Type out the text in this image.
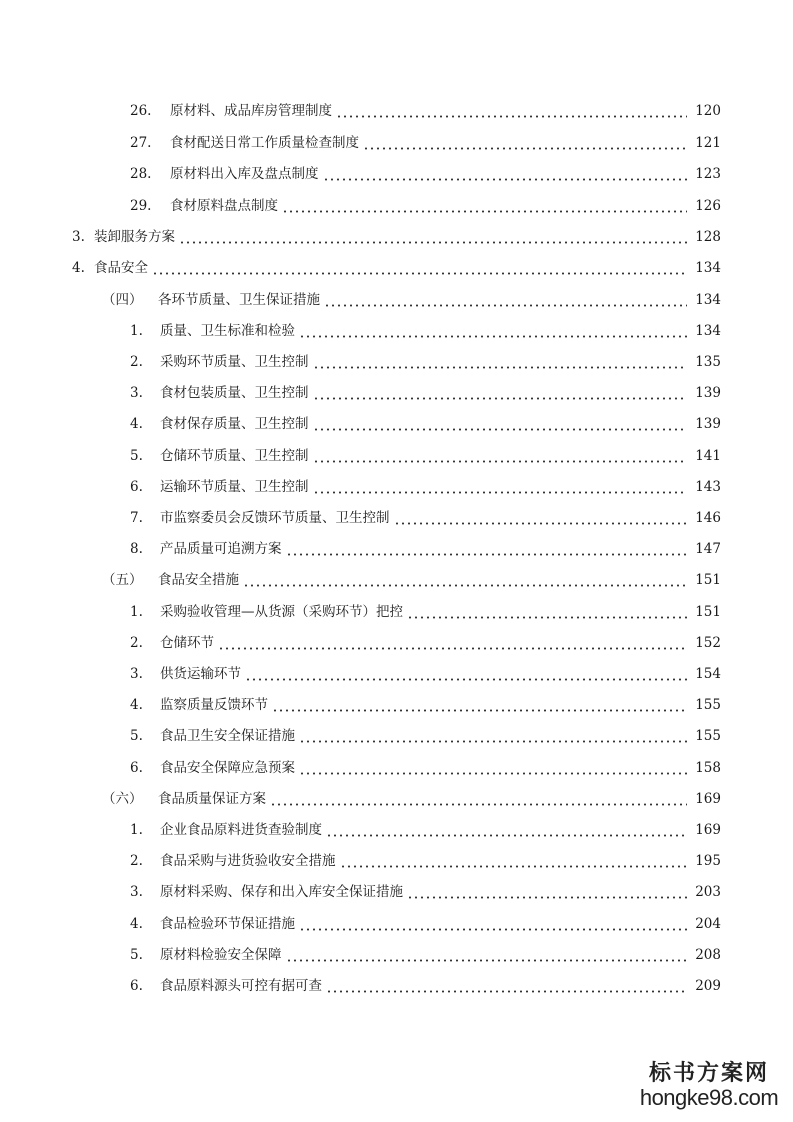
26.	原材料、成品库房管理制度	120
27.	食材配送日常工作质量检查制度	121
28.	原材料出入库及盘点制度	123
29.	食材原料盘点制度	126
3. 装卸服务方案	128
4. 食品安全	134
（四）	各环节质量、卫生保证措施	134
1.	质量、卫生标准和检验	134
2.	采购环节质量、卫生控制	135
3.	食材包装质量、卫生控制	139
4.	食材保存质量、卫生控制	139
5.	仓储环节质量、卫生控制	141
6.	运输环节质量、卫生控制	143
7.	市监察委员会反馈环节质量、卫生控制	146
8.	产品质量可追溯方案	147
（五）	食品安全措施	151
1.	采购验收管理—从货源（采购环节）把控	151
2.	仓储环节	152
3.	供货运输环节	154
4.	监察质量反馈环节	155
5.	食品卫生安全保证措施	155
6.	食品安全保障应急预案	158
（六）	食品质量保证方案	169
1.	企业食品原料进货查验制度	169
2.	食品采购与进货验收安全措施	195
3.	原材料采购、保存和出入库安全保证措施	203
4.	食品检验环节保证措施	204
5.	原材料检验安全保障	208
6.	食品原料源头可控有据可查	209
标书方案网
hongke98.com
